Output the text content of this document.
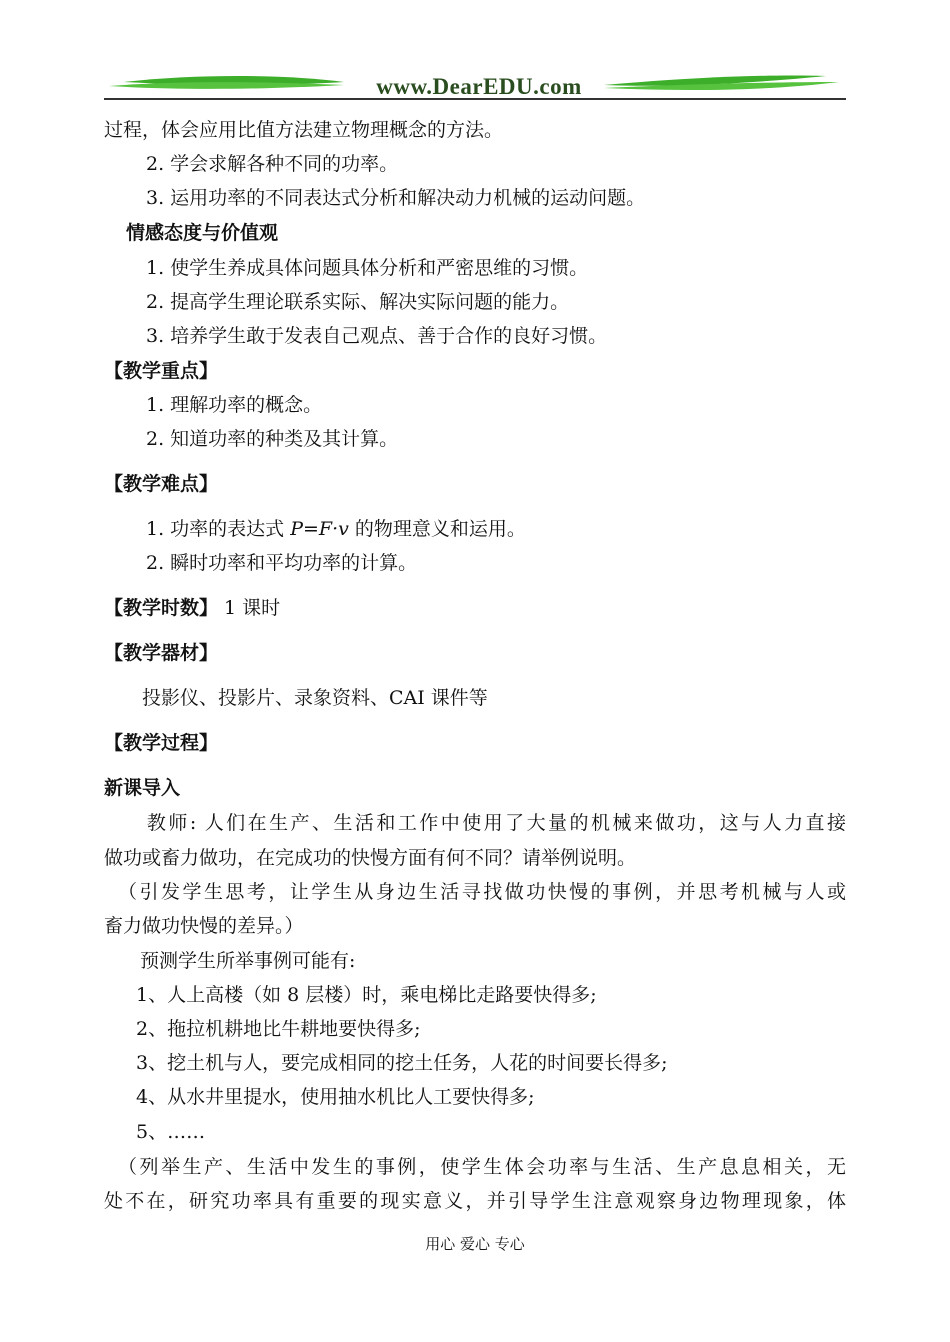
www.DearEDU.com
过程，体会应用比值方法建立物理概念的方法。
2. 学会求解各种不同的功率。
3. 运用功率的不同表达式分析和解决动力机械的运动问题。
情感态度与价值观
1. 使学生养成具体问题具体分析和严密思维的习惯。
2. 提高学生理论联系实际、解决实际问题的能力。
3. 培养学生敢于发表自己观点、善于合作的良好习惯。
【教学重点】
1. 理解功率的概念。
2. 知道功率的种类及其计算。
【教学难点】
1. 功率的表达式 P=F·v 的物理意义和运用。
2. 瞬时功率和平均功率的计算。
【教学时数】 1 课时
【教学器材】
投影仪、投影片、录象资料、CAI 课件等
【教学过程】
新课导入
　　教师: 人们在生产、生活和工作中使用了大量的机械来做功，这与人力直接
做功或畜力做功，在完成功的快慢方面有何不同？请举例说明。
（引发学生思考，让学生从身边生活寻找做功快慢的事例，并思考机械与人或
畜力做功快慢的差异。）
预测学生所举事例可能有:
1、人上高楼（如 8 层楼）时，乘电梯比走路要快得多;
2、拖拉机耕地比牛耕地要快得多;
3、挖土机与人，要完成相同的挖土任务，人花的时间要长得多;
4、从水井里提水，使用抽水机比人工要快得多;
5、……
（列举生产、生活中发生的事例，使学生体会功率与生活、生产息息相关，无
处不在，研究功率具有重要的现实意义，并引导学生注意观察身边物理现象，体
用心 爱心 专心
